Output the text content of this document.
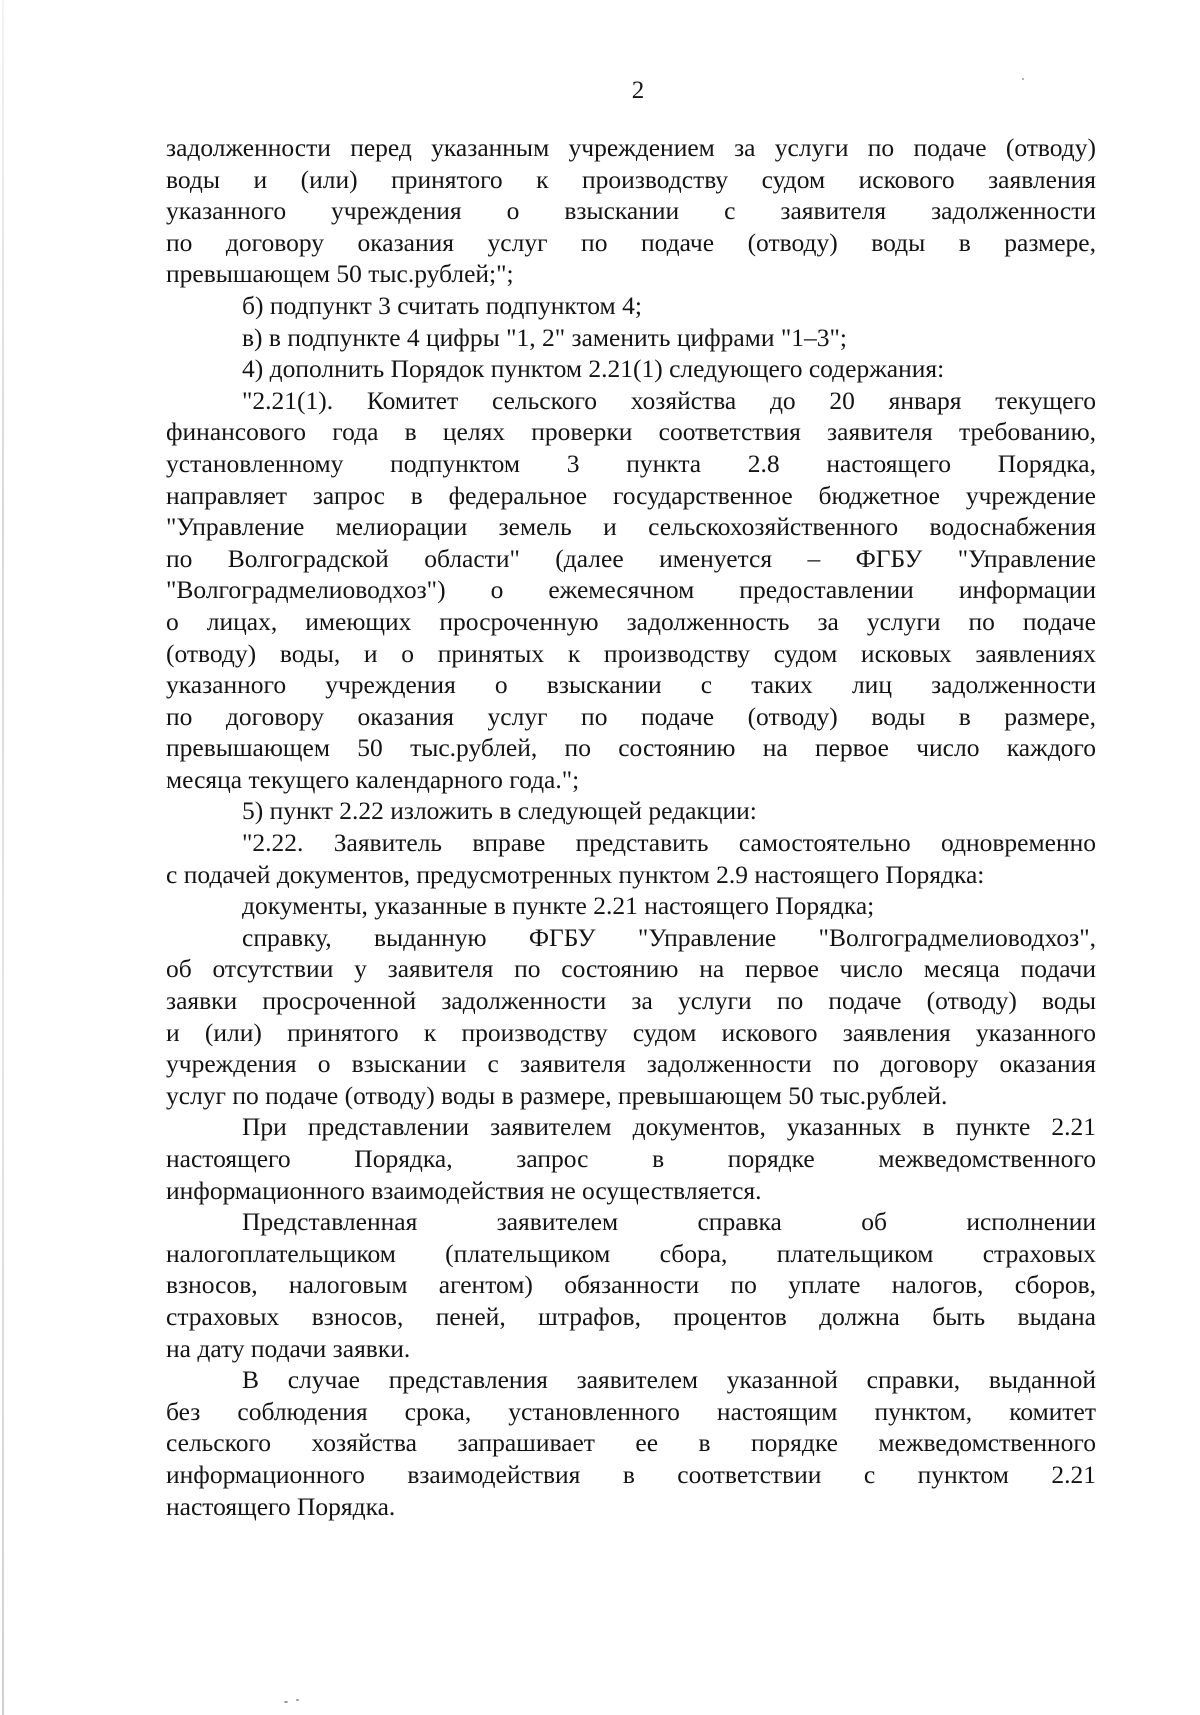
2
задолженности перед указанным учреждением за услуги по подаче (отводу)
воды и (или) принятого к производству судом искового заявления
указанного учреждения о взыскании с заявителя задолженности
по договору оказания услуг по подаче (отводу) воды в размере,
превышающем 50 тыс.рублей;";
б) подпункт 3 считать подпунктом 4;
в) в подпункте 4 цифры "1, 2" заменить цифрами "1–3";
4) дополнить Порядок пунктом 2.21(1) следующего содержания:
"2.21(1). Комитет сельского хозяйства до 20 января текущего
финансового года в целях проверки соответствия заявителя требованию,
установленному подпунктом 3 пункта 2.8 настоящего Порядка,
направляет запрос в федеральное государственное бюджетное учреждение
"Управление мелиорации земель и сельскохозяйственного водоснабжения
по Волгоградской области" (далее именуется – ФГБУ "Управление
"Волгоградмелиоводхоз") о ежемесячном предоставлении информации
о лицах, имеющих просроченную задолженность за услуги по подаче
(отводу) воды, и о принятых к производству судом исковых заявлениях
указанного учреждения о взыскании с таких лиц задолженности
по договору оказания услуг по подаче (отводу) воды в размере,
превышающем 50 тыс.рублей, по состоянию на первое число каждого
месяца текущего календарного года.";
5) пункт 2.22 изложить в следующей редакции:
"2.22. Заявитель вправе представить самостоятельно одновременно
с подачей документов, предусмотренных пунктом 2.9 настоящего Порядка:
документы, указанные в пункте 2.21 настоящего Порядка;
справку, выданную ФГБУ "Управление "Волгоградмелиоводхоз",
об отсутствии у заявителя по состоянию на первое число месяца подачи
заявки просроченной задолженности за услуги по подаче (отводу) воды
и (или) принятого к производству судом искового заявления указанного
учреждения о взыскании с заявителя задолженности по договору оказания
услуг по подаче (отводу) воды в размере, превышающем 50 тыс.рублей.
При представлении заявителем документов, указанных в пункте 2.21
настоящего Порядка, запрос в порядке межведомственного
информационного взаимодействия не осуществляется.
Представленная заявителем справка об исполнении
налогоплательщиком (плательщиком сбора, плательщиком страховых
взносов, налоговым агентом) обязанности по уплате налогов, сборов,
страховых взносов, пеней, штрафов, процентов должна быть выдана
на дату подачи заявки.
В случае представления заявителем указанной справки, выданной
без соблюдения срока, установленного настоящим пунктом, комитет
сельского хозяйства запрашивает ее в порядке межведомственного
информационного взаимодействия в соответствии с пунктом 2.21
настоящего Порядка.
